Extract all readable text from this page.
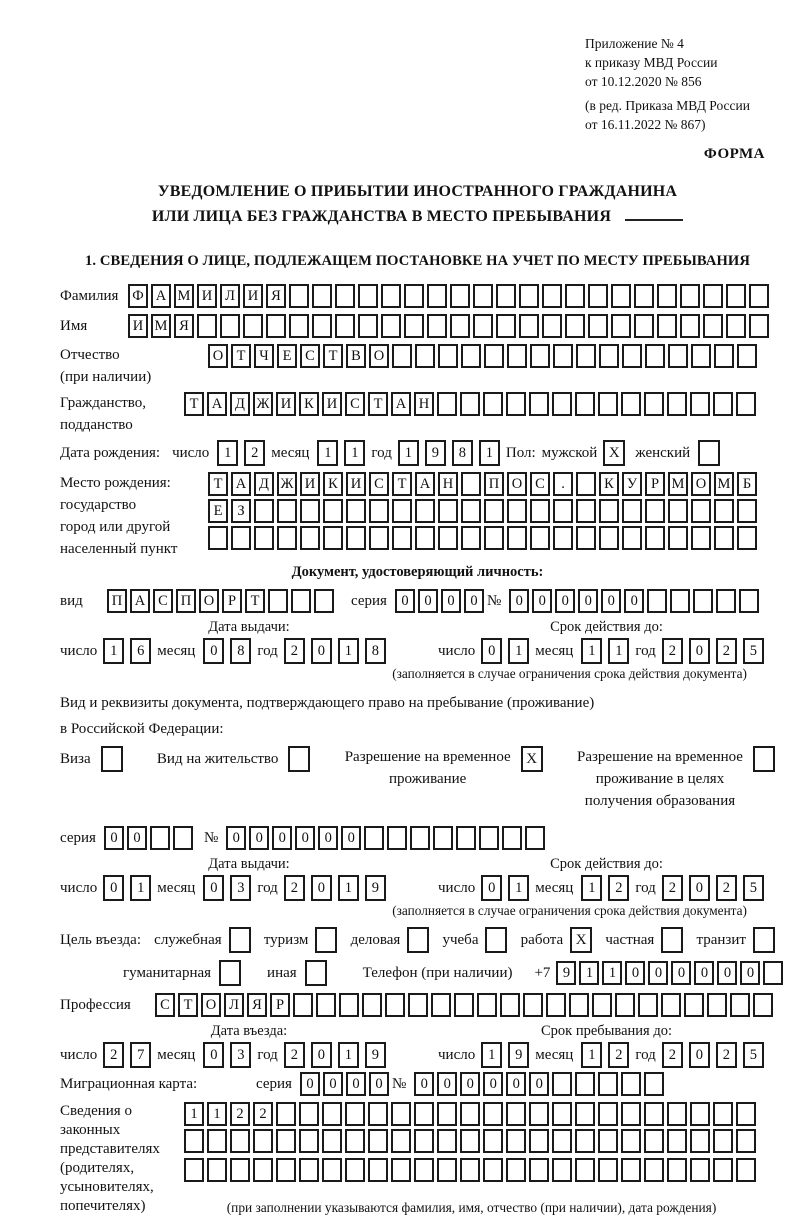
Приложение № 4
к приказу МВД России
от 10.12.2020 № 856
(в ред. Приказа МВД России
от 16.11.2022 № 867)
ФОРМА
УВЕДОМЛЕНИЕ О ПРИБЫТИИ ИНОСТРАННОГО ГРАЖДАНИНА
ИЛИ ЛИЦА БЕЗ ГРАЖДАНСТВА В МЕСТО ПРЕБЫВАНИЯ
1. СВЕДЕНИЯ О ЛИЦЕ, ПОДЛЕЖАЩЕМ ПОСТАНОВКЕ НА УЧЕТ ПО МЕСТУ ПРЕБЫВАНИЯ
Фамилия Ф А М И Л И Я
Имя	И М Я
Отчество
(при наличии)
О Т Ч Е С Т В О
Гражданство,
подданство
Т А Д Ж И К И С Т А Н
Дата рождения: число	1	2 месяц	1	1 год 1	9	8	1 Пол: мужской X	женский
Место рождения:
государство
город или другой
населенный пункт
Т А Д Ж И К И С Т А Н	П О С	.	К У Р М О М Б
Е	З
Документ, удостоверяющий личность:
вид	П А С П О Р	Т	серия 0	0	0	0 № 0	0	0	0	0	0
Дата выдачи:	Срок действия до:
число 1	6 месяц	0	8 год 2	0	1	8	число 0	1 месяц	1	1 год 2	0	2	5
(заполняется в случае ограничения срока действия документа)
Вид и реквизиты документа, подтверждающего право на пребывание (проживание)
в Российской Федерации:
Виза	Вид на жительство	Разрешение на временное
проживание
X	Разрешение на временное
проживание в целях
получения образования
серия 0	0	№ 0	0	0	0	0	0
Дата выдачи:	Срок действия до:
число 0	1 месяц	0	3 год 2	0	1	9	число 0	1 месяц	1	2 год 2	0	2	5
(заполняется в случае ограничения срока действия документа)
Цель въезда: служебная	туризм	деловая	учеба	работа X	частная	транзит
гуманитарная	иная	Телефон (при наличии) +7 9	1	1	0	0	0	0	0	0
Профессия	С Т О Л Я Р
Дата въезда:	Срок пребывания до:
число 2	7 месяц	0	3 год 2	0	1	9	число 1	9 месяц	1	2 год 2	0	2	5
Миграционная карта:	серия 0	0	0	0 № 0	0	0	0	0	0
Сведения о
законных
представителях
(родителях,
усыновителях,
попечителях)
1	1	2	2
(при заполнении указываются фамилия, имя, отчество (при наличии), дата рождения)
